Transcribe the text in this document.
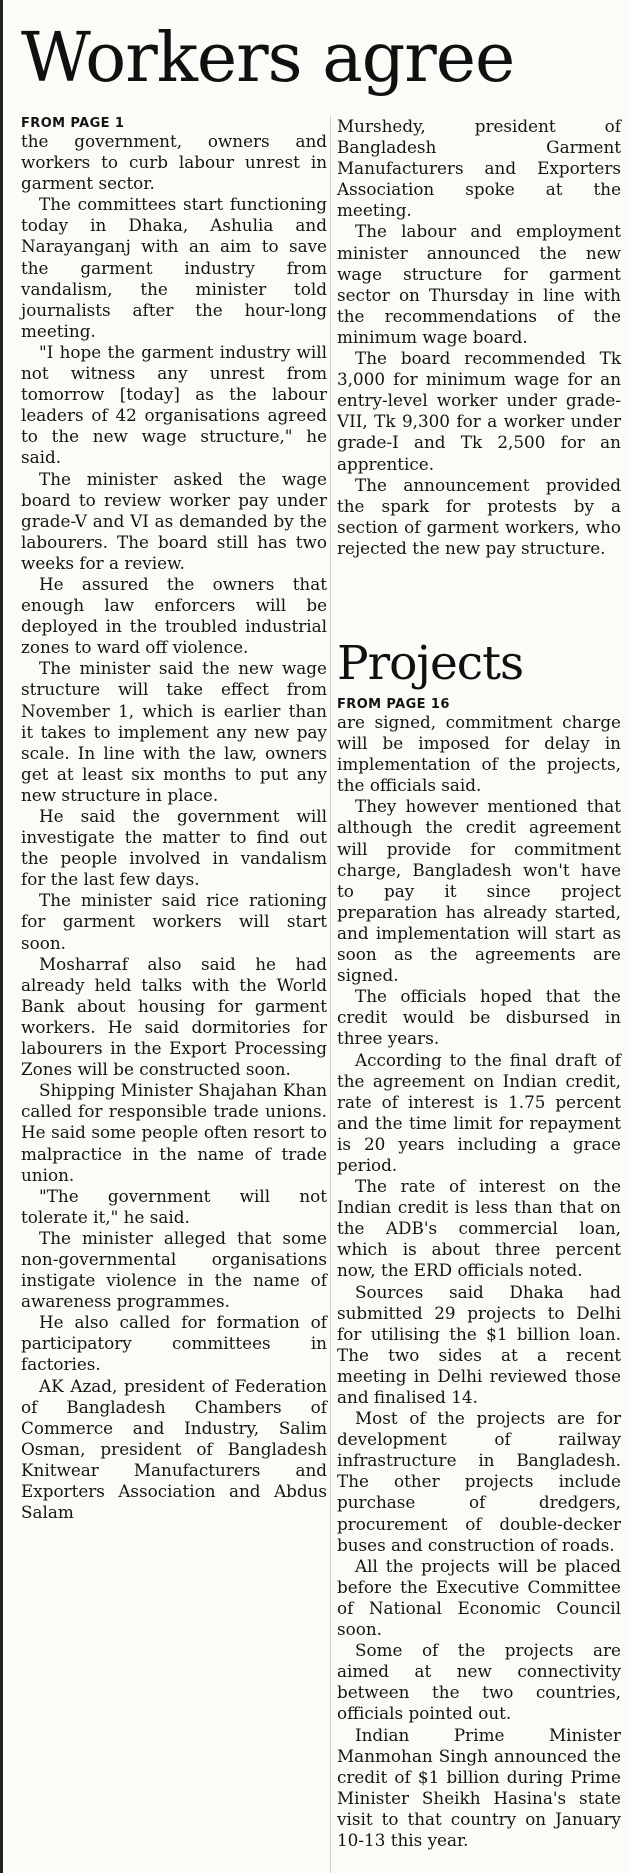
Workers agree

FROM PAGE 1

the government, owners and workers to curb labour unrest in garment sector.

The committees start functioning today in Dhaka, Ashulia and Narayanganj with an aim to save the garment industry from vandalism, the minister told journalists after the hour-long meeting.

"I hope the garment industry will not witness any unrest from tomorrow [today] as the labour leaders of 42 organisations agreed to the new wage structure," he said.

The minister asked the wage board to review worker pay under grade-V and VI as demanded by the labourers. The board still has two weeks for a review.

He assured the owners that enough law enforcers will be deployed in the troubled industrial zones to ward off violence.

The minister said the new wage structure will take effect from November 1, which is earlier than it takes to implement any new pay scale. In line with the law, owners get at least six months to put any new structure in place.

He said the government will investigate the matter to find out the people involved in vandalism for the last few days.

The minister said rice rationing for garment workers will start soon.

Mosharraf also said he had already held talks with the World Bank about housing for garment workers. He said dormitories for labourers in the Export Processing Zones will be constructed soon.

Shipping Minister Shajahan Khan called for responsible trade unions. He said some people often resort to malpractice in the name of trade union.

"The government will not tolerate it," he said.

The minister alleged that some non-governmental organisations instigate violence in the name of awareness programmes.

He also called for formation of participatory committees in factories.

AK Azad, president of Federation of Bangladesh Chambers of Commerce and Industry, Salim Osman, president of Bangladesh Knitwear Manufacturers and Exporters Association and Abdus Salam

Murshedy, president of Bangladesh Garment Manufacturers and Exporters Association spoke at the meeting.

The labour and employment minister announced the new wage structure for garment sector on Thursday in line with the recommendations of the minimum wage board.

The board recommended Tk 3,000 for minimum wage for an entry-level worker under grade-VII, Tk 9,300 for a worker under grade-I and Tk 2,500 for an apprentice.

The announcement provided the spark for protests by a section of garment workers, who rejected the new pay structure.

Projects

FROM PAGE 16

are signed, commitment charge will be imposed for delay in implementation of the projects, the officials said.

They however mentioned that although the credit agreement will provide for commitment charge, Bangladesh won't have to pay it since project preparation has already started, and implementation will start as soon as the agreements are signed.

The officials hoped that the credit would be disbursed in three years.

According to the final draft of the agreement on Indian credit, rate of interest is 1.75 percent and the time limit for repayment is 20 years including a grace period.

The rate of interest on the Indian credit is less than that on the ADB's commercial loan, which is about three percent now, the ERD officials noted.

Sources said Dhaka had submitted 29 projects to Delhi for utilising the $1 billion loan. The two sides at a recent meeting in Delhi reviewed those and finalised 14.

Most of the projects are for development of railway infrastructure in Bangladesh. The other projects include purchase of dredgers, procurement of double-decker buses and construction of roads.

All the projects will be placed before the Executive Committee of National Economic Council soon.

Some of the projects are aimed at new connectivity between the two countries, officials pointed out.

Indian Prime Minister Manmohan Singh announced the credit of $1 billion during Prime Minister Sheikh Hasina's state visit to that country on January 10-13 this year.
